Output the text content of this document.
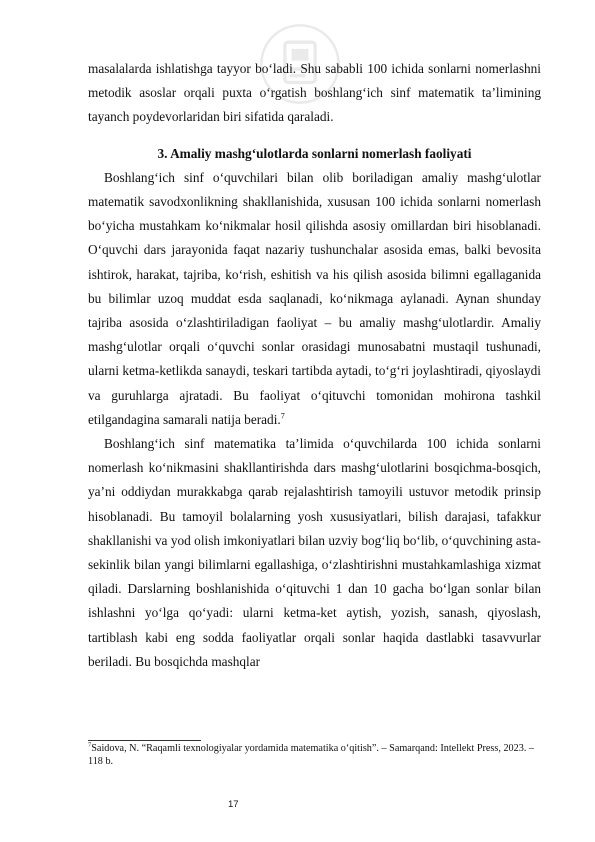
masalalarda ishlatishga tayyor bo‘ladi. Shu sababli 100 ichida sonlarni nomerlashni metodik asoslar orqali puxta o‘rgatish boshlang‘ich sinf matematik ta’limining tayanch poydevorlaridan biri sifatida qaraladi.

3. Amaliy mashg‘ulotlarda sonlarni nomerlash faoliyati

Boshlang‘ich sinf o‘quvchilari bilan olib boriladigan amaliy mashg‘ulotlar matematik savodxonlikning shakllanishida, xususan 100 ichida sonlarni nomerlash bo‘yicha mustahkam ko‘nikmalar hosil qilishda asosiy omillardan biri hisoblanadi. O‘quvchi dars jarayonida faqat nazariy tushunchalar asosida emas, balki bevosita ishtirok, harakat, tajriba, ko‘rish, eshitish va his qilish asosida bilimni egallaganida bu bilimlar uzoq muddat esda saqlanadi, ko‘nikmaga aylanadi. Aynan shunday tajriba asosida o‘zlashtiriladigan faoliyat – bu amaliy mashg‘ulotlardir. Amaliy mashg‘ulotlar orqali o‘quvchi sonlar orasidagi munosabatni mustaqil tushunadi, ularni ketma-ketlikda sanaydi, teskari tartibda aytadi, to‘g‘ri joylashtiradi, qiyoslaydi va guruhlarga ajratadi. Bu faoliyat o‘qituvchi tomonidan mohirona tashkil etilgandagina samarali natija beradi.$^7$

Boshlang‘ich sinf matematika ta’limida o‘quvchilarda 100 ichida sonlarni nomerlash ko‘nikmasini shakllantirishda dars mashg‘ulotlarini bosqichma-bosqich, ya’ni oddiydan murakkabga qarab rejalashtirish tamoyili ustuvor metodik prinsip hisoblanadi. Bu tamoyil bolalarning yosh xususiyatlari, bilish darajasi, tafakkur shakllanishi va yod olish imkoniyatlari bilan uzviy bog‘liq bo‘lib, o‘quvchining asta-sekinlik bilan yangi bilimlarni egallashiga, o‘zlashtirishni mustahkamlashiga xizmat qiladi. Darslarning boshlanishida o‘qituvchi 1 dan 10 gacha bo‘lgan sonlar bilan ishlashni yo‘lga qo‘yadi: ularni ketma-ket aytish, yozish, sanash, qiyoslash, tartiblash kabi eng sodda faoliyatlar orqali sonlar haqida dastlabki tasavvurlar beriladi. Bu bosqichda mashqlar

$^7$Saidova, N. “Raqamli texnologiyalar yordamida matematika o‘qitish”. – Samarqand: Intellekt Press, 2023. – 118 b.

17
